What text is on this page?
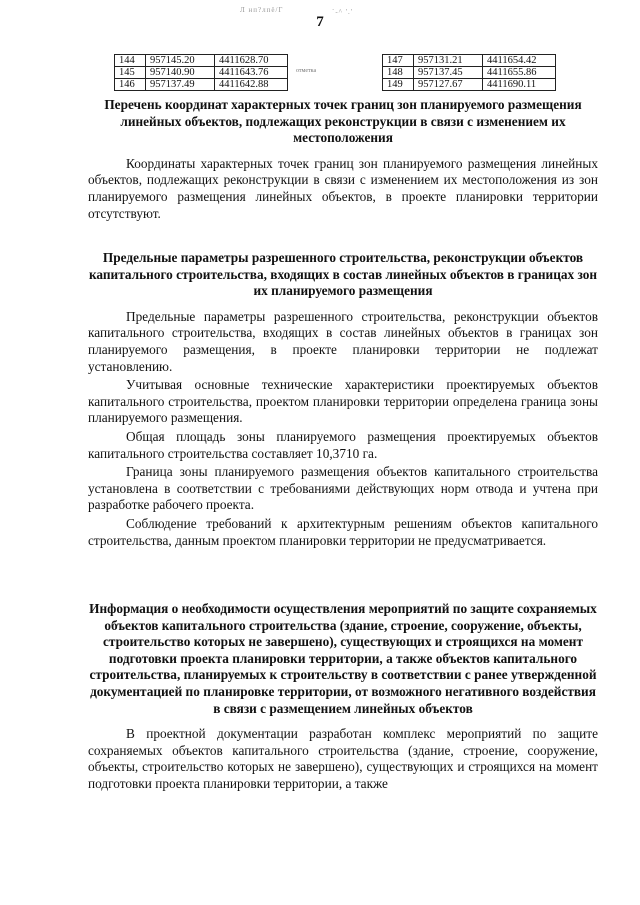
Л нп?лпё/Г	`-^ '.'
7
144	957145.20	4411628.70
145	957140.90	4411643.76
146	957137.49	4411642.88
отметка
147	957131.21	4411654.42
148	957137.45	4411655.86
149	957127.67	4411690.11

Перечень координат характерных точек границ зон планируемого размещения линейных объектов, подлежащих реконструкции в связи с изменением их местоположения

Координаты характерных точек границ зон планируемого размещения линейных объектов, подлежащих реконструкции в связи с изменением их местоположения из зон планируемого размещения линейных объектов, в проекте планировки территории отсутствуют.

Предельные параметры разрешенного строительства, реконструкции объектов капитального строительства, входящих в состав линейных объектов в границах зон их планируемого размещения

Предельные параметры разрешенного строительства, реконструкции объектов капитального строительства, входящих в состав линейных объектов в границах зон планируемого размещения, в проекте планировки территории не подлежат установлению.

Учитывая основные технические характеристики проектируемых объектов капитального строительства, проектом планировки территории определена граница зоны планируемого размещения.

Общая площадь зоны планируемого размещения проектируемых объектов капитального строительства составляет 10,3710 га.

Граница зоны планируемого размещения объектов капитального строительства установлена в соответствии с требованиями действующих норм отвода и учтена при разработке рабочего проекта.

Соблюдение требований к архитектурным решениям объектов капитального строительства, данным проектом планировки территории не предусматривается.

Информация о необходимости осуществления мероприятий по защите сохраняемых объектов капитального строительства (здание, строение, сооружение, объекты, строительство которых не завершено), существующих и строящихся на момент подготовки проекта планировки территории, а также объектов капитального строительства, планируемых к строительству в соответствии с ранее утвержденной документацией по планировке территории, от возможного негативного воздействия в связи с размещением линейных объектов

В проектной документации разработан комплекс мероприятий по защите сохраняемых объектов капитального строительства (здание, строение, сооружение, объекты, строительство которых не завершено), существующих и строящихся на момент подготовки проекта планировки территории, а также
